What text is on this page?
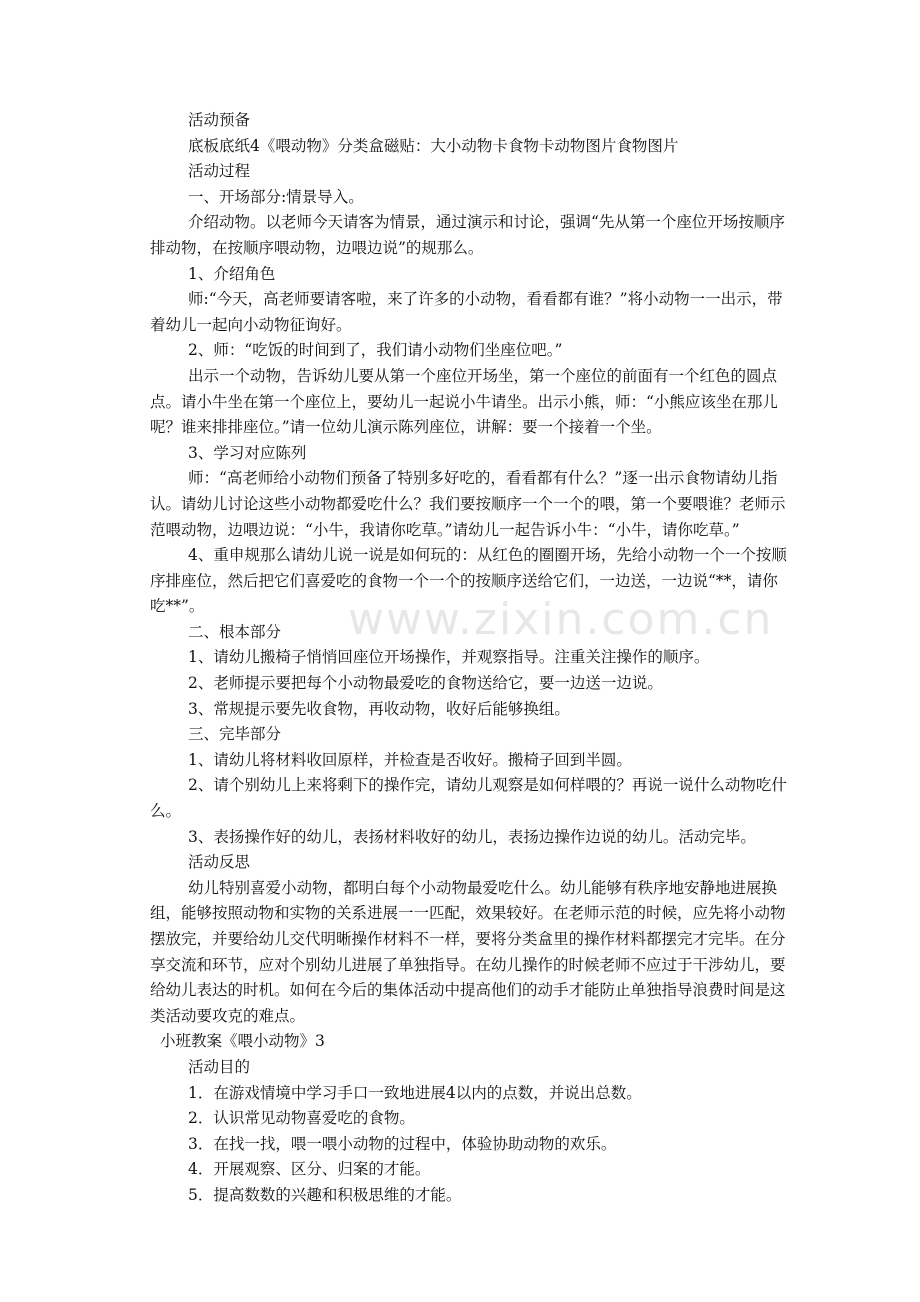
活动预备

底板底纸4《喂动物》分类盒磁贴：大小动物卡食物卡动物图片食物图片

活动过程

一、开场部分:情景导入。

介绍动物。以老师今天请客为情景，通过演示和讨论，强调“先从第一个座位开场按顺序排动物，在按顺序喂动物，边喂边说”的规那么。

1、介绍角色

师:“今天，高老师要请客啦，来了许多的小动物，看看都有谁？”将小动物一一出示，带着幼儿一起向小动物征询好。

2、师：“吃饭的时间到了，我们请小动物们坐座位吧。”

出示一个动物，告诉幼儿要从第一个座位开场坐，第一个座位的前面有一个红色的圆点点。请小牛坐在第一个座位上，要幼儿一起说小牛请坐。出示小熊，师：“小熊应该坐在那儿呢？谁来排排座位。”请一位幼儿演示陈列座位，讲解：要一个接着一个坐。

3、学习对应陈列

师：“高老师给小动物们预备了特别多好吃的，看看都有什么？”逐一出示食物请幼儿指认。请幼儿讨论这些小动物都爱吃什么？我们要按顺序一个一个的喂，第一个要喂谁？老师示范喂动物，边喂边说：“小牛，我请你吃草。”请幼儿一起告诉小牛：“小牛，请你吃草。”

4、重申规那么请幼儿说一说是如何玩的：从红色的圈圈开场，先给小动物一个一个按顺序排座位，然后把它们喜爱吃的食物一个一个的按顺序送给它们，一边送，一边说“**，请你吃**”。

二、根本部分

1、请幼儿搬椅子悄悄回座位开场操作，并观察指导。注重关注操作的顺序。

2、老师提示要把每个小动物最爱吃的食物送给它，要一边送一边说。

3、常规提示要先收食物，再收动物，收好后能够换组。

三、完毕部分

1、请幼儿将材料收回原样，并检查是否收好。搬椅子回到半圆。

2、请个别幼儿上来将剩下的操作完，请幼儿观察是如何样喂的？再说一说什么动物吃什么。

3、表扬操作好的幼儿，表扬材料收好的幼儿，表扬边操作边说的幼儿。活动完毕。

活动反思

幼儿特别喜爱小动物，都明白每个小动物最爱吃什么。幼儿能够有秩序地安静地进展换组，能够按照动物和实物的关系进展一一匹配，效果较好。在老师示范的时候，应先将小动物摆放完，并要给幼儿交代明晰操作材料不一样，要将分类盒里的操作材料都摆完才完毕。在分享交流和环节，应对个别幼儿进展了单独指导。在幼儿操作的时候老师不应过于干涉幼儿，要给幼儿表达的时机。如何在今后的集体活动中提高他们的动手才能防止单独指导浪费时间是这类活动要攻克的难点。

小班教案《喂小动物》3

活动目的

1．在游戏情境中学习手口一致地进展4以内的点数，并说出总数。

2．认识常见动物喜爱吃的食物。

3．在找一找，喂一喂小动物的过程中，体验协助动物的欢乐。

4．开展观察、区分、归案的才能。

5．提高数数的兴趣和积极思维的才能。

www.zixin.com.cn
